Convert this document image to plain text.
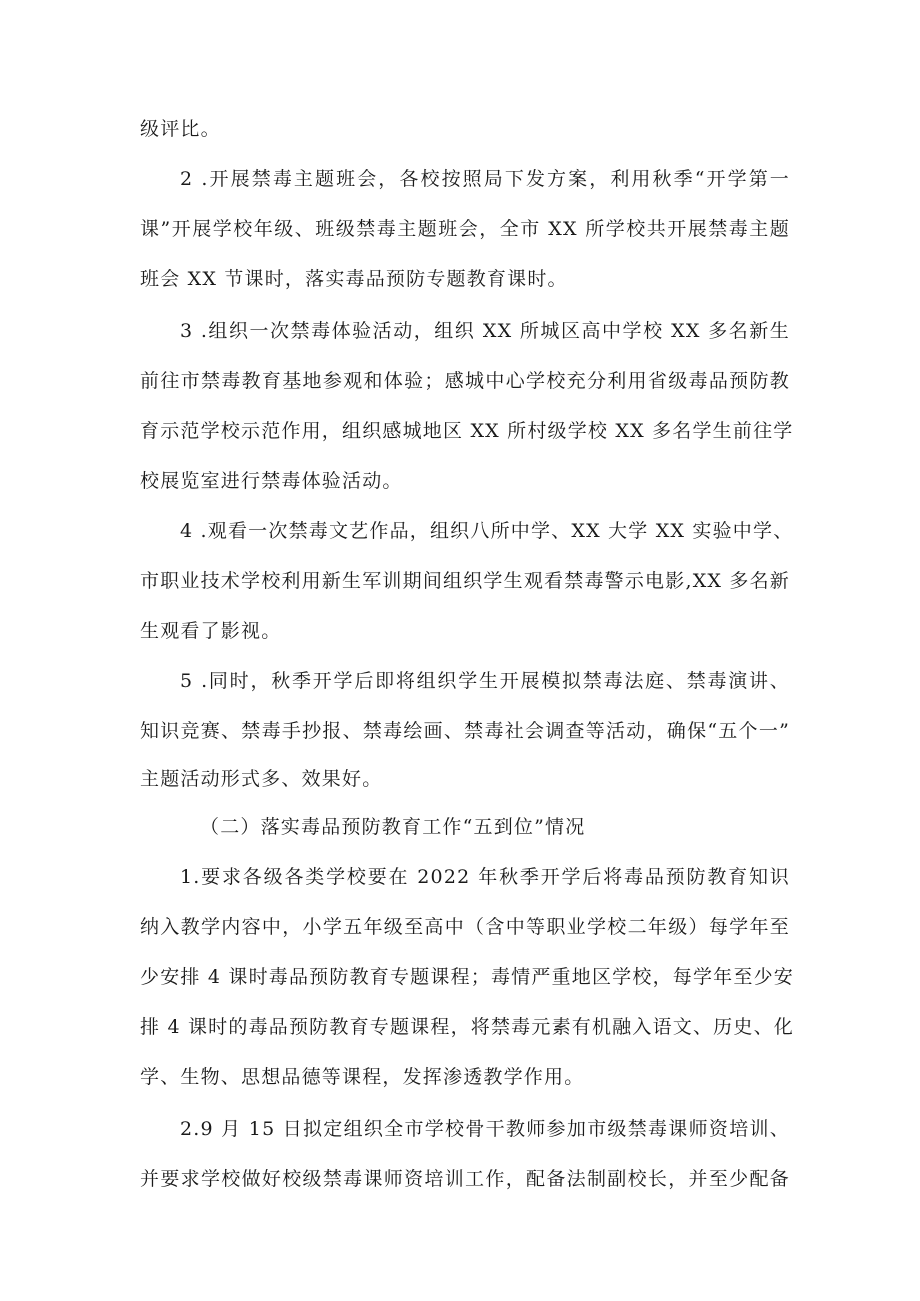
级评比。
2 .开展禁毒主题班会，各校按照局下发方案，利用秋季“开学第一
课”开展学校年级、班级禁毒主题班会，全市 XX 所学校共开展禁毒主题
班会 XX 节课时，落实毒品预防专题教育课时。
3 .组织一次禁毒体验活动，组织 XX 所城区高中学校 XX 多名新生
前往市禁毒教育基地参观和体验；感城中心学校充分利用省级毒品预防教
育示范学校示范作用，组织感城地区 XX 所村级学校 XX 多名学生前往学
校展览室进行禁毒体验活动。
4 .观看一次禁毒文艺作品，组织八所中学、XX 大学 XX 实验中学、
市职业技术学校利用新生军训期间组织学生观看禁毒警示电影,XX 多名新
生观看了影视。
5 .同时，秋季开学后即将组织学生开展模拟禁毒法庭、禁毒演讲、
知识竞赛、禁毒手抄报、禁毒绘画、禁毒社会调查等活动，确保“五个一”
主题活动形式多、效果好。
（二）落实毒品预防教育工作“五到位”情况
1.要求各级各类学校要在 2022 年秋季开学后将毒品预防教育知识
纳入教学内容中，小学五年级至高中（含中等职业学校二年级）每学年至
少安排 4 课时毒品预防教育专题课程；毒情严重地区学校，每学年至少安
排 4 课时的毒品预防教育专题课程，将禁毒元素有机融入语文、历史、化
学、生物、思想品德等课程，发挥渗透教学作用。
2.9 月 15 日拟定组织全市学校骨干教师参加市级禁毒课师资培训、
并要求学校做好校级禁毒课师资培训工作，配备法制副校长，并至少配备
